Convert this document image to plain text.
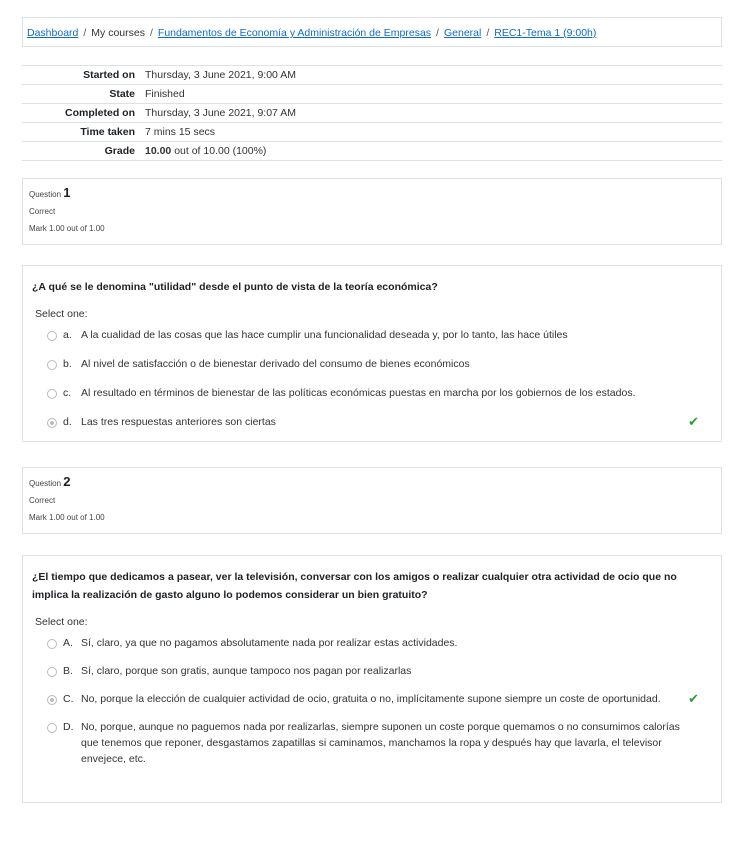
Dashboard / My courses / Fundamentos de Economía y Administración de Empresas / General / REC1-Tema 1 (9:00h)
Started on	Thursday, 3 June 2021, 9:00 AM
State	Finished
Completed on	Thursday, 3 June 2021, 9:07 AM
Time taken	7 mins 15 secs
Grade	10.00 out of 10.00 (100%)
Question 1
Correct
Mark 1.00 out of 1.00
¿A qué se le denomina "utilidad" desde el punto de vista de la teoría económica?
Select one:
a. A la cualidad de las cosas que las hace cumplir una funcionalidad deseada y, por lo tanto, las hace útiles
b. Al nivel de satisfacción o de bienestar derivado del consumo de bienes económicos
c. Al resultado en términos de bienestar de las políticas económicas puestas en marcha por los gobiernos de los estados.
d. Las tres respuestas anteriores son ciertas	✔
Question 2
Correct
Mark 1.00 out of 1.00
¿El tiempo que dedicamos a pasear, ver la televisión, conversar con los amigos o realizar cualquier otra actividad de ocio que no implica la realización de gasto alguno lo podemos considerar un bien gratuito?
Select one:
A. Sí, claro, ya que no pagamos absolutamente nada por realizar estas actividades.
B. Sí, claro, porque son gratis, aunque tampoco nos pagan por realizarlas
C. No, porque la elección de cualquier actividad de ocio, gratuita o no, implícitamente supone siempre un coste de oportunidad. ✔
D. No, porque, aunque no paguemos nada por realizarlas, siempre suponen un coste porque quemamos o no consumimos calorías que tenemos que reponer, desgastamos zapatillas si caminamos, manchamos la ropa y después hay que lavarla, el televisor envejece, etc.
